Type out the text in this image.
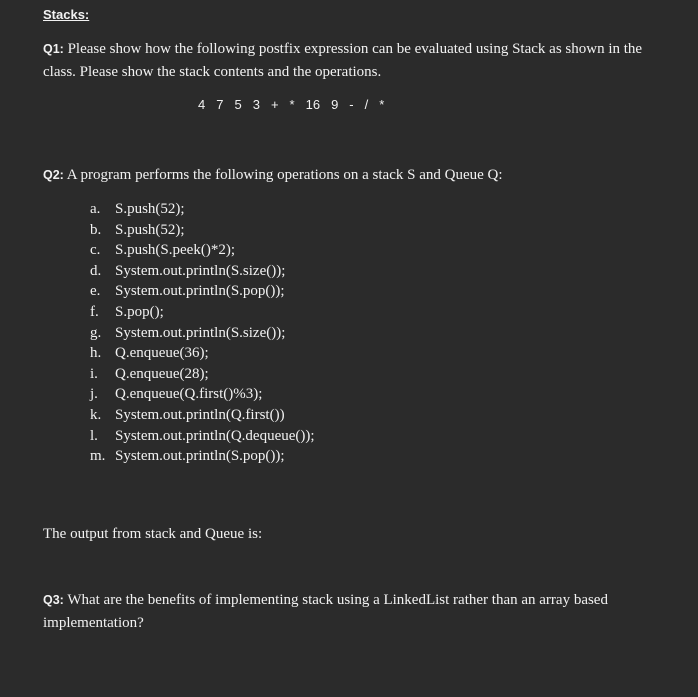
Stacks:
Q1: Please show how the following postfix expression can be evaluated using Stack as shown in the class. Please show the stack contents and the operations.
4 7 5 3 + * 16 9 - / *
Q2: A program performs the following operations on a stack S and Queue Q:
a. S.push(52);
b. S.push(52);
c. S.push(S.peek()*2);
d. System.out.println(S.size());
e. System.out.println(S.pop());
f. S.pop();
g. System.out.println(S.size());
h. Q.enqueue(36);
i. Q.enqueue(28);
j. Q.enqueue(Q.first()%3);
k. System.out.println(Q.first())
l. System.out.println(Q.dequeue());
m. System.out.println(S.pop());
The output from stack and Queue is:
Q3: What are the benefits of implementing stack using a LinkedList rather than an array based implementation?
